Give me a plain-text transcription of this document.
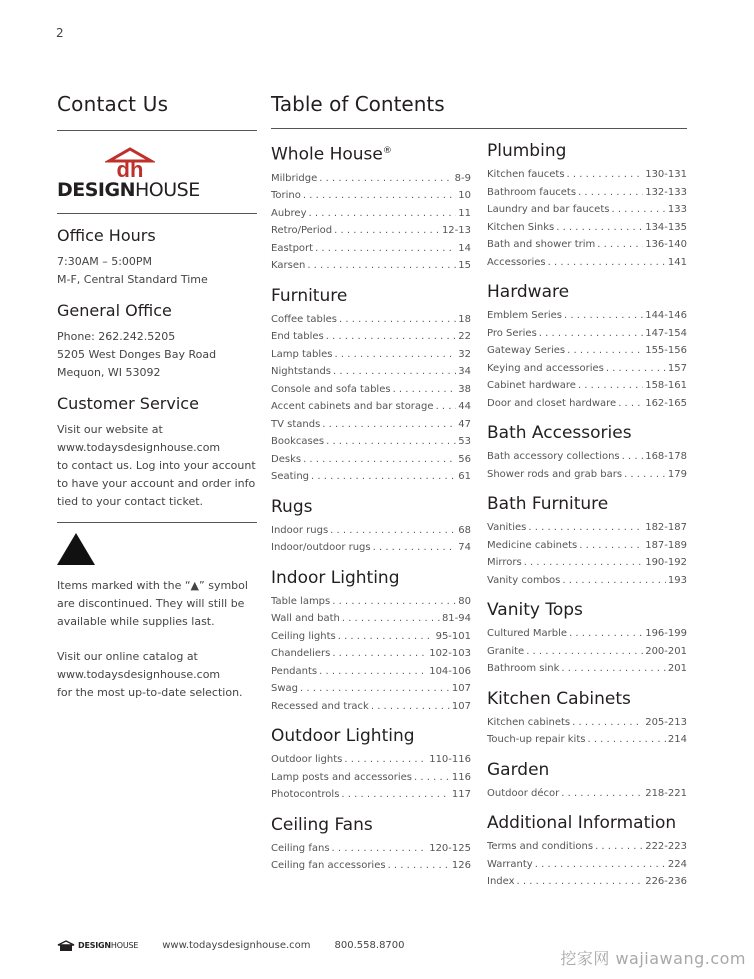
2
Contact Us
dh
DESIGNHOUSE
Office Hours

7:30AM – 5:00PM

M-F, Central Standard Time

General Office

Phone: 262.242.5205

5205 West Donges Bay Road

Mequon, WI 53092

Customer Service

Visit our website at

www.todaysdesignhouse.com

to contact us. Log into your account

to have your account and order info

tied to your contact ticket.

Items marked with the “▲” symbol

are discontinued. They will still be

available while supplies last.

Visit our online catalog at

www.todaysdesignhouse.com

for the most up-to-date selection.

Table of Contents
Whole House®
Milbridge . . .	8-9
Torino . . .	10
Aubrey . . .	11
Retro/Period . . .	12-13
Eastport . . .	14
Karsen . . .	15
Furniture
Coffee tables . . .	18
End tables . . .	22
Lamp tables . . .	32
Nightstands . . .	34
Console and sofa tables . . .	38
Accent cabinets and bar storage . . . 44
TV stands . . .	47
Bookcases . . .	53
Desks . . .	56
Seating . . .	61
Rugs
Indoor rugs . . .	68
Indoor/outdoor rugs . . .	74
Indoor Lighting
Table lamps . . .	80
Wall and bath . . .	81-94
Ceiling lights . . .	95-101
Chandeliers . . .	102-103
Pendants . . .	104-106
Swag . . .	107
Recessed and track . . .	107
Outdoor Lighting
Outdoor lights . . .	110-116
Lamp posts and accessories . . .	116
Photocontrols . . .	117
Ceiling Fans
Ceiling fans . . .	120-125
Ceiling fan accessories . . .	126
Plumbing
Kitchen faucets . . .	130-131
Bathroom faucets . . .	132-133
Laundry and bar faucets . . .	133
Kitchen Sinks . . .	134-135
Bath and shower trim . . .	136-140
Accessories . . .	141
Hardware
Emblem Series . . .	144-146
Pro Series . . .	147-154
Gateway Series . . .	155-156
Keying and accessories . . .	157
Cabinet hardware . . .	158-161
Door and closet hardware . . .	162-165
Bath Accessories
Bath accessory collections . . .	168-178
Shower rods and grab bars . . .	179
Bath Furniture
Vanities . . .	182-187
Medicine cabinets . . .	187-189
Mirrors . . .	190-192
Vanity combos . . .	193
Vanity Tops
Cultured Marble . . .	196-199
Granite . . .	200-201
Bathroom sink . . .	201
Kitchen Cabinets
Kitchen cabinets . . .	205-213
Touch-up repair kits . . .	214
Garden
Outdoor décor . . .	218-221
Additional Information
Terms and conditions . . .	222-223
Warranty . . .	224
Index . . .	226-236
DESIGN HOUSE www.todaysdesignhouse.com 800.558.8700
挖家网 wajiawang.com
